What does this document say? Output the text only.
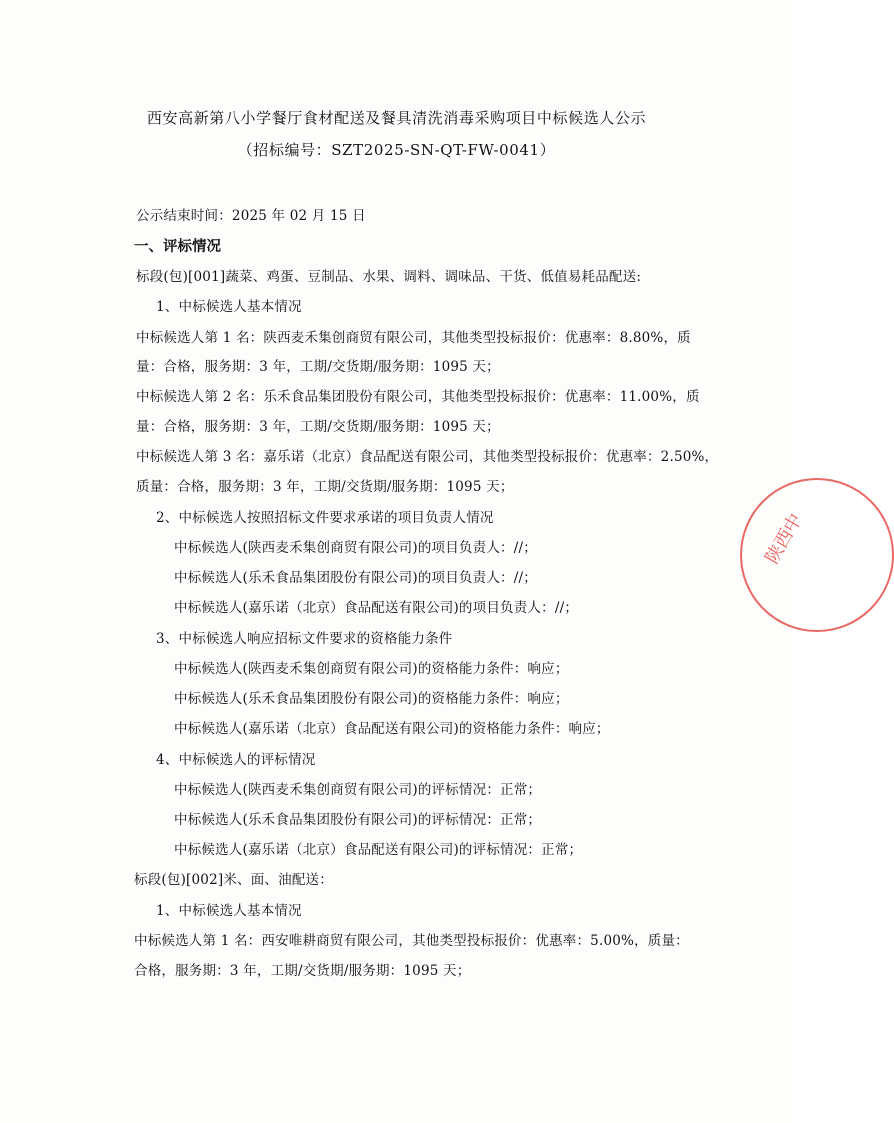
西安高新第八小学餐厅食材配送及餐具清洗消毒采购项目中标候选人公示
（招标编号：SZT2025-SN-QT-FW-0041）
公示结束时间：2025 年 02 月 15 日
一、评标情况
标段(包)[001]蔬菜、鸡蛋、豆制品、水果、调料、调味品、干货、低值易耗品配送:
1、中标候选人基本情况
中标候选人第 1 名：陕西麦禾集创商贸有限公司，其他类型投标报价：优惠率：8.80%，质
量：合格，服务期：3 年，工期/交货期/服务期：1095 天；
中标候选人第 2 名：乐禾食品集团股份有限公司，其他类型投标报价：优惠率：11.00%，质
量：合格，服务期：3 年，工期/交货期/服务期：1095 天；
中标候选人第 3 名：嘉乐诺（北京）食品配送有限公司，其他类型投标报价：优惠率：2.50%，
质量：合格，服务期：3 年，工期/交货期/服务期：1095 天；
2、中标候选人按照招标文件要求承诺的项目负责人情况
中标候选人(陕西麦禾集创商贸有限公司)的项目负责人：//；
中标候选人(乐禾食品集团股份有限公司)的项目负责人：//；
中标候选人(嘉乐诺（北京）食品配送有限公司)的项目负责人：//；
3、中标候选人响应招标文件要求的资格能力条件
中标候选人(陕西麦禾集创商贸有限公司)的资格能力条件：响应；
中标候选人(乐禾食品集团股份有限公司)的资格能力条件：响应；
中标候选人(嘉乐诺（北京）食品配送有限公司)的资格能力条件：响应；
4、中标候选人的评标情况
中标候选人(陕西麦禾集创商贸有限公司)的评标情况：正常；
中标候选人(乐禾食品集团股份有限公司)的评标情况：正常；
中标候选人(嘉乐诺（北京）食品配送有限公司)的评标情况：正常；
标段(包)[002]米、面、油配送：
1、中标候选人基本情况
中标候选人第 1 名：西安唯耕商贸有限公司，其他类型投标报价：优惠率：5.00%，质量：
合格，服务期：3 年，工期/交货期/服务期：1095 天；
陕西中
